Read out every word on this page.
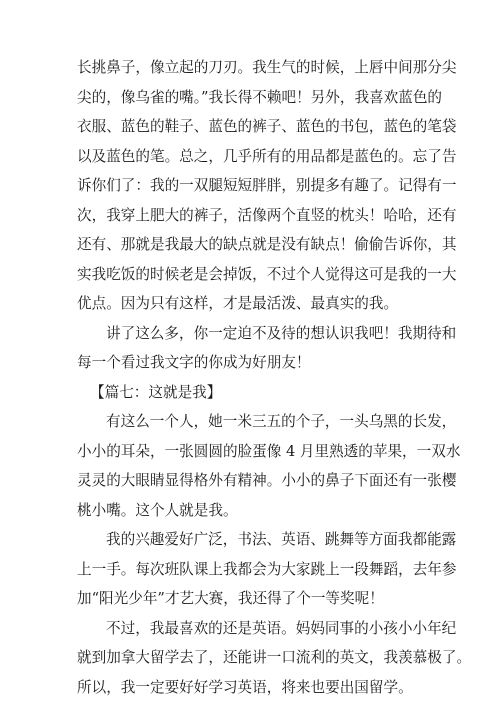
长挑鼻子，像立起的刀刃。我生气的时候，上唇中间那分尖
尖的，像乌雀的嘴。”我长得不赖吧！另外，我喜欢蓝色的
衣服、蓝色的鞋子、蓝色的裤子、蓝色的书包，蓝色的笔袋
以及蓝色的笔。总之，几乎所有的用品都是蓝色的。忘了告
诉你们了：我的一双腿短短胖胖，别提多有趣了。记得有一
次，我穿上肥大的裤子，活像两个直竖的枕头！哈哈，还有
还有、那就是我最大的缺点就是没有缺点！偷偷告诉你，其
实我吃饭的时候老是会掉饭，不过个人觉得这可是我的一大
优点。因为只有这样，才是最活泼、最真实的我。
讲了这么多，你一定迫不及待的想认识我吧！我期待和
每一个看过我文字的你成为好朋友！
【篇七：这就是我】
有这么一个人，她一米三五的个子，一头乌黑的长发，
小小的耳朵，一张圆圆的脸蛋像 4 月里熟透的苹果，一双水
灵灵的大眼睛显得格外有精神。小小的鼻子下面还有一张樱
桃小嘴。这个人就是我。
我的兴趣爱好广泛，书法、英语、跳舞等方面我都能露
上一手。每次班队课上我都会为大家跳上一段舞蹈，去年参
加“阳光少年”才艺大赛，我还得了个一等奖呢！
不过，我最喜欢的还是英语。妈妈同事的小孩小小年纪
就到加拿大留学去了，还能讲一口流利的英文，我羡慕极了。
所以，我一定要好好学习英语，将来也要出国留学。
